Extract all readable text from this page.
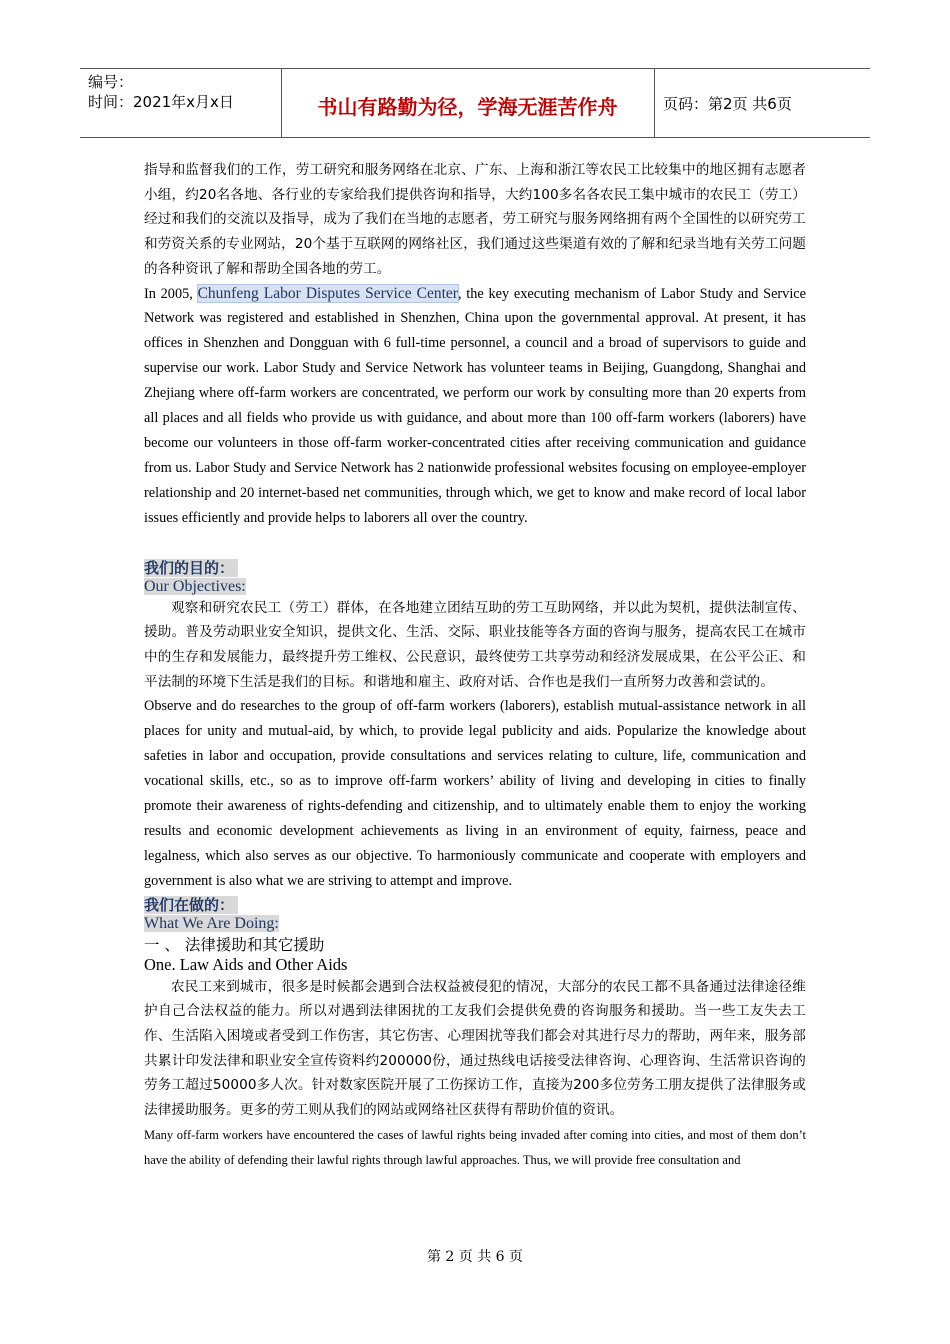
编号：
时间：2021年x月x日	书山有路勤为径，学海无涯苦作舟	页码：第2页 共6页

指导和监督我们的工作，劳工研究和服务网络在北京、广东、上海和浙江等农民工比较集中的地区拥有志愿者小组，约20名各地、各行业的专家给我们提供咨询和指导，大约100多名各农民工集中城市的农民工（劳工）经过和我们的交流以及指导，成为了我们在当地的志愿者，劳工研究与服务网络拥有两个全国性的以研究劳工和劳资关系的专业网站，20个基于互联网的网络社区，我们通过这些渠道有效的了解和纪录当地有关劳工问题的各种资讯了解和帮助全国各地的劳工。

In 2005, Chunfeng Labor Disputes Service Center, the key executing mechanism of Labor Study and Service Network was registered and established in Shenzhen, China upon the governmental approval. At present, it has offices in Shenzhen and Dongguan with 6 full-time personnel, a council and a broad of supervisors to guide and supervise our work. Labor Study and Service Network has volunteer teams in Beijing, Guangdong, Shanghai and Zhejiang where off-farm workers are concentrated, we perform our work by consulting more than 20 experts from all places and all fields who provide us with guidance, and about more than 100 off-farm workers (laborers) have become our volunteers in those off-farm worker-concentrated cities after receiving communication and guidance from us. Labor Study and Service Network has 2 nationwide professional websites focusing on employee-employer relationship and 20 internet-based net communities, through which, we get to know and make record of local labor issues efficiently and provide helps to laborers all over the country.

我们的目的：

Our Objectives:

观察和研究农民工（劳工）群体，在各地建立团结互助的劳工互助网络，并以此为契机，提供法制宣传、援助。普及劳动职业安全知识，提供文化、生活、交际、职业技能等各方面的咨询与服务，提高农民工在城市中的生存和发展能力，最终提升劳工维权、公民意识，最终使劳工共享劳动和经济发展成果，在公平公正、和平法制的环境下生活是我们的目标。和谐地和雇主、政府对话、合作也是我们一直所努力改善和尝试的。

Observe and do researches to the group of off-farm workers (laborers), establish mutual-assistance network in all places for unity and mutual-aid, by which, to provide legal publicity and aids. Popularize the knowledge about safeties in labor and occupation, provide consultations and services relating to culture, life, communication and vocational skills, etc., so as to improve off-farm workers’ ability of living and developing in cities to finally promote their awareness of rights-defending and citizenship, and to ultimately enable them to enjoy the working results and economic development achievements as living in an environment of equity, fairness, peace and legalness, which also serves as our objective. To harmoniously communicate and cooperate with employers and government is also what we are striving to attempt and improve.

我们在做的：

What We Are Doing:

一 、 法律援助和其它援助

One. Law Aids and Other Aids

农民工来到城市，很多是时候都会遇到合法权益被侵犯的情况，大部分的农民工都不具备通过法律途径维护自己合法权益的能力。所以对遇到法律困扰的工友我们会提供免费的咨询服务和援助。当一些工友失去工作、生活陷入困境或者受到工作伤害，其它伤害、心理困扰等我们都会对其进行尽力的帮助，两年来，服务部共累计印发法律和职业安全宣传资料约200000份，通过热线电话接受法律咨询、心理咨询、生活常识咨询的劳务工超过50000多人次。针对数家医院开展了工伤探访工作，直接为200多位劳务工朋友提供了法律服务或法律援助服务。更多的劳工则从我们的网站或网络社区获得有帮助价值的资讯。

Many off-farm workers have encountered the cases of lawful rights being invaded after coming into cities, and most of them don’t have the ability of defending their lawful rights through lawful approaches. Thus, we will provide free consultation and

第 2 页 共 6 页
